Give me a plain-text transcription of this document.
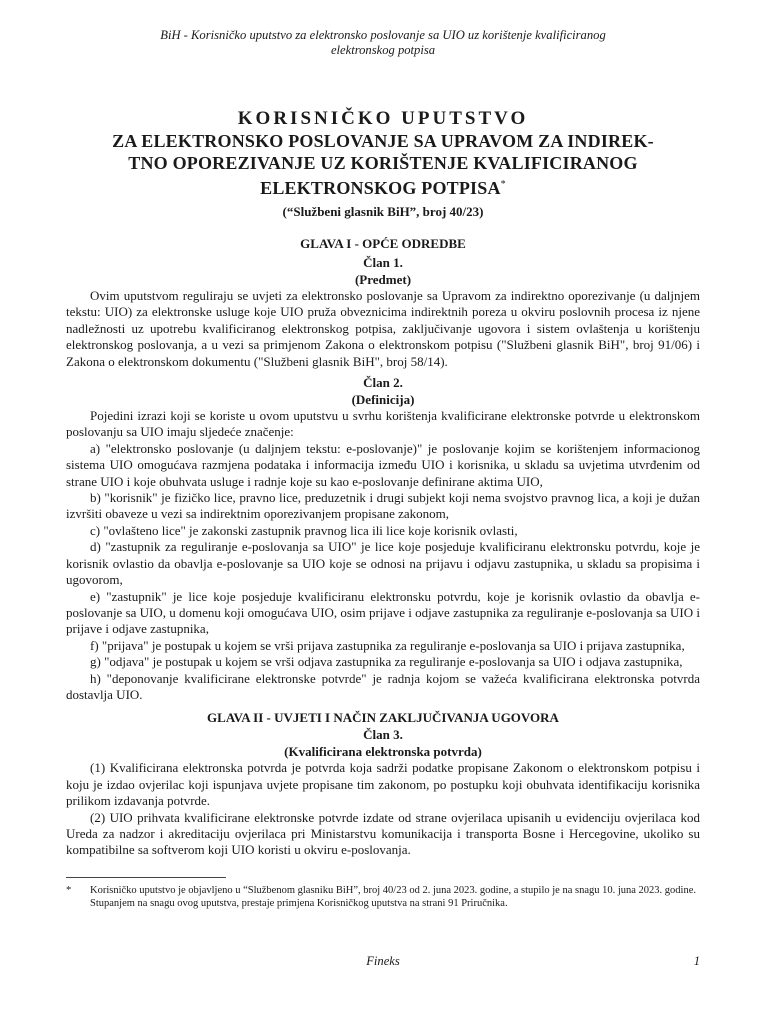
BiH - Korisničko uputstvo za elektronsko poslovanje sa UIO uz korištenje kvalificiranog
elektronskog potpisa
KORISNIČKO UPUTSTVO
ZA ELEKTRONSKO POSLOVANJE SA UPRAVOM ZA INDIREK-
TNO OPOREZIVANJE UZ KORIŠTENJE KVALIFICIRANOG
ELEKTRONSKOG POTPISA*
(“Službeni glasnik BiH”, broj 40/23)
GLAVA I - OPĆE ODREDBE
Član 1.
(Predmet)

Ovim uputstvom reguliraju se uvjeti za elektronsko poslovanje sa Upravom za indirektno oporezivanje (u daljnjem tekstu: UIO) za elektronske usluge koje UIO pruža obveznicima indirektnih poreza u okviru poslovnih procesa iz njene nadležnosti uz upotrebu kvalificiranog elektronskog potpisa, zaključivanje ugovora i sistem ovlaštenja u korištenju elektronskog poslovanja, a u vezi sa primjenom Zakona o elektronskom potpisu ("Službeni glasnik BiH", broj 91/06) i Zakona o elektronskom dokumentu ("Službeni glasnik BiH", broj 58/14).

Član 2.
(Definicija)

Pojedini izrazi koji se koriste u ovom uputstvu u svrhu korištenja kvalificirane elektronske potvrde u elektronskom poslovanju sa UIO imaju sljedeće značenje:

a) "elektronsko poslovanje (u daljnjem tekstu: e-poslovanje)" je poslovanje kojim se korištenjem informacionog sistema UIO omogućava razmjena podataka i informacija između UIO i korisnika, u skladu sa uvjetima utvrđenim od strane UIO i koje obuhvata usluge i radnje koje su kao e-poslovanje definirane aktima UIO,

b) "korisnik" je fizičko lice, pravno lice, preduzetnik i drugi subjekt koji nema svojstvo pravnog lica, a koji je dužan izvršiti obaveze u vezi sa indirektnim oporezivanjem propisane zakonom,

c) "ovlašteno lice" je zakonski zastupnik pravnog lica ili lice koje korisnik ovlasti,

d) "zastupnik za reguliranje e-poslovanja sa UIO" je lice koje posjeduje kvalificiranu elektronsku potvrdu, koje je korisnik ovlastio da obavlja e-poslovanje sa UIO koje se odnosi na prijavu i odjavu zastupnika, u skladu sa propisima i ugovorom,

e) "zastupnik" je lice koje posjeduje kvalificiranu elektronsku potvrdu, koje je korisnik ovlastio da obavlja e-poslovanje sa UIO, u domenu koji omogućava UIO, osim prijave i odjave zastupnika za reguliranje e-poslovanja sa UIO i prijave i odjave zastupnika,

f) "prijava" je postupak u kojem se vrši prijava zastupnika za reguliranje e-poslovanja sa UIO i prijava zastupnika,

g) "odjava" je postupak u kojem se vrši odjava zastupnika za reguliranje e-poslovanja sa UIO i odjava zastupnika,

h) "deponovanje kvalificirane elektronske potvrde" je radnja kojom se važeća kvalificirana elektronska potvrda dostavlja UIO.

GLAVA II - UVJETI I NAČIN ZAKLJUČIVANJA UGOVORA
Član 3.
(Kvalificirana elektronska potvrda)

(1) Kvalificirana elektronska potvrda je potvrda koja sadrži podatke propisane Zakonom o elektronskom potpisu i koju je izdao ovjerilac koji ispunjava uvjete propisane tim zakonom, po postupku koji obuhvata identifikaciju korisnika prilikom izdavanja potvrde.

(2) UIO prihvata kvalificirane elektronske potvrde izdate od strane ovjerilaca upisanih u evidenciju ovjerilaca kod Ureda za nadzor i akreditaciju ovjerilaca pri Ministarstvu komunikacija i transporta Bosne i Hercegovine, ukoliko su kompatibilne sa softverom koji UIO koristi u okviru e-poslovanja.

*	Korisničko uputstvo je objavljeno u “Službenom glasniku BiH”, broj 40/23 od 2. juna 2023. godine, a stupilo je na snagu 10. juna 2023. godine.
Stupanjem na snagu ovog uputstva, prestaje primjena Korisničkog uputstva na strani 91 Priručnika.
Fineks	1
